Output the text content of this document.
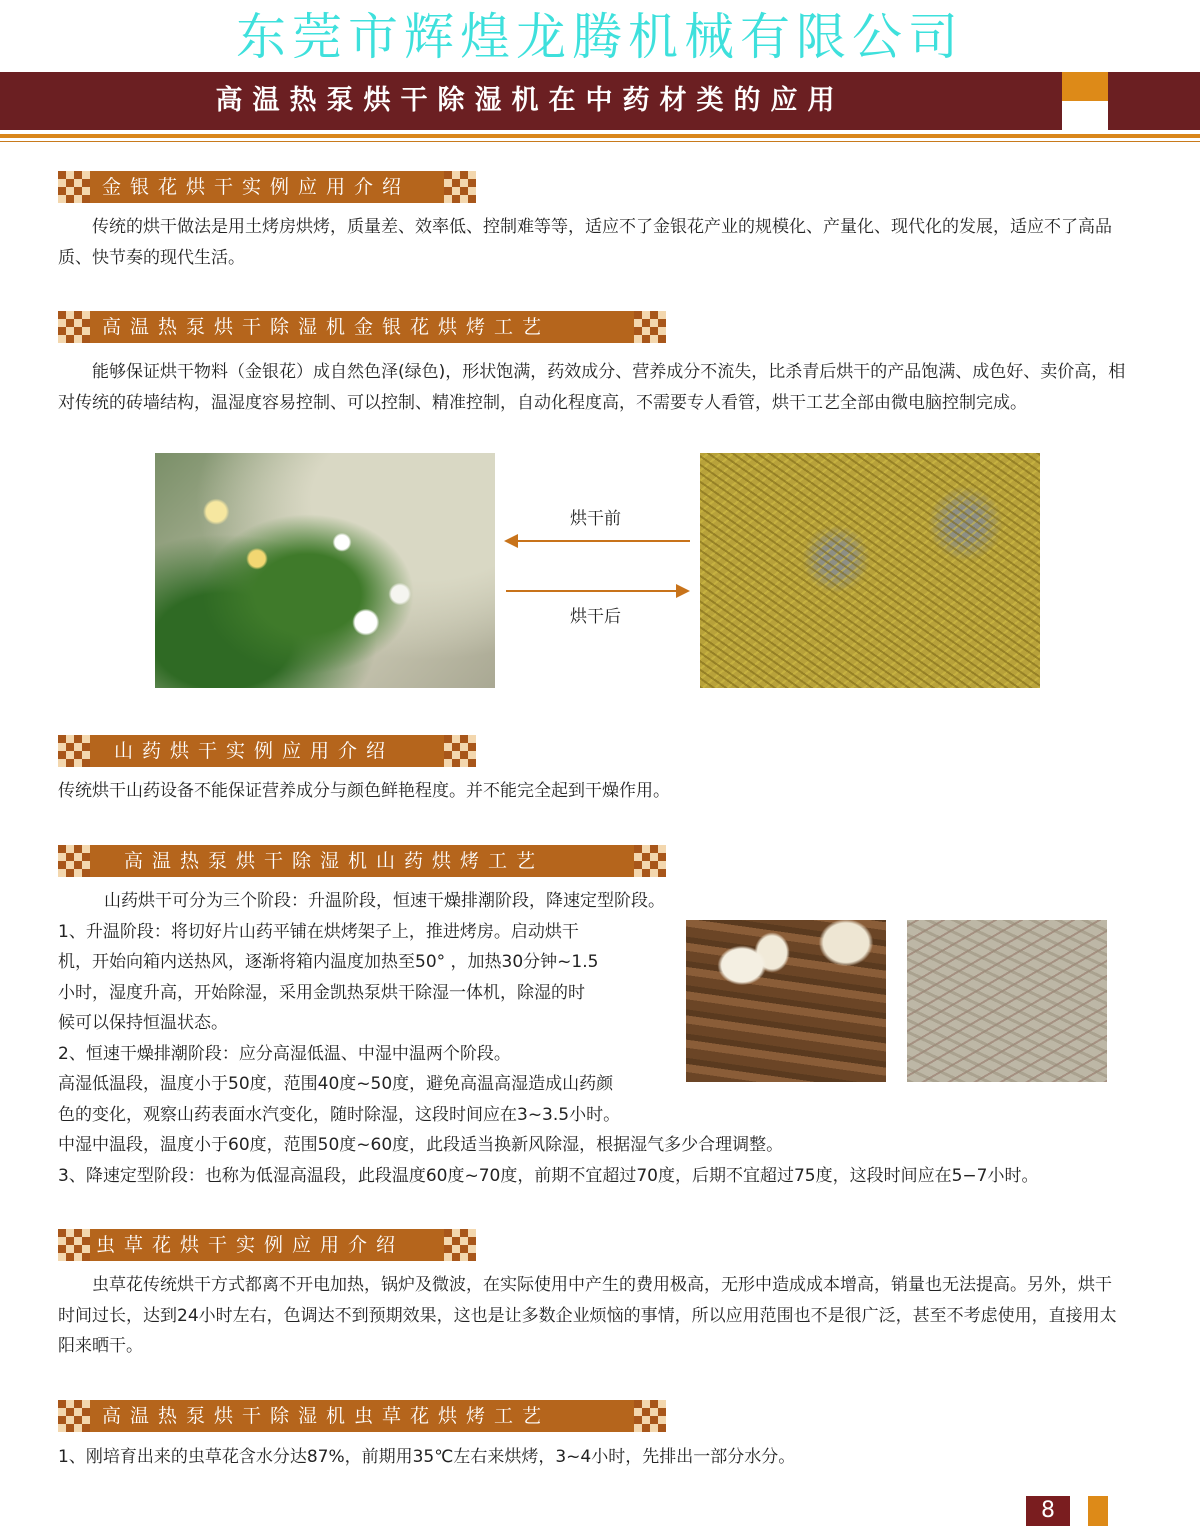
东莞市辉煌龙腾机械有限公司
高温热泵烘干除湿机在中药材类的应用
金银花烘干实例应用介绍

传统的烘干做法是用土烤房烘烤，质量差、效率低、控制难等等，适应不了金银花产业的规模化、产量化、现代化的发展，适应不了高品质、快节奏的现代生活。

高温热泵烘干除湿机金银花烘烤工艺

能够保证烘干物料（金银花）成自然色泽(绿色)，形状饱满，药效成分、营养成分不流失，比杀青后烘干的产品饱满、成色好、卖价高，相对传统的砖墙结构，温湿度容易控制、可以控制、精准控制，自动化程度高，不需要专人看管，烘干工艺全部由微电脑控制完成。

烘干前
烘干后
山药烘干实例应用介绍

传统烘干山药设备不能保证营养成分与颜色鲜艳程度。并不能完全起到干燥作用。

高温热泵烘干除湿机山药烘烤工艺
山药烘干可分为三个阶段：升温阶段，恒速干燥排潮阶段，降速定型阶段。
1、升温阶段：将切好片山药平铺在烘烤架子上，推进烤房。启动烘干
机，开始向箱内送热风，逐渐将箱内温度加热至50° ，加热30分钟~1.5
小时，湿度升高，开始除湿，采用金凯热泵烘干除湿一体机，除湿的时
候可以保持恒温状态。
2、恒速干燥排潮阶段：应分高湿低温、中湿中温两个阶段。
高湿低温段，温度小于50度，范围40度~50度，避免高温高湿造成山药颜
色的变化，观察山药表面水汽变化，随时除湿，这段时间应在3~3.5小时。
中湿中温段，温度小于60度，范围50度~60度，此段适当换新风除湿，根据湿气多少合理调整。
3、降速定型阶段：也称为低湿高温段，此段温度60度~70度，前期不宜超过70度，后期不宜超过75度，这段时间应在5−7小时。
虫草花烘干实例应用介绍

虫草花传统烘干方式都离不开电加热，锅炉及微波，在实际使用中产生的费用极高，无形中造成成本增高，销量也无法提高。另外，烘干时间过长，达到24小时左右，色调达不到预期效果，这也是让多数企业烦恼的事情，所以应用范围也不是很广泛，甚至不考虑使用，直接用太阳来晒干。

高温热泵烘干除湿机虫草花烘烤工艺

1、刚培育出来的虫草花含水分达87%，前期用35℃左右来烘烤，3~4小时，先排出一部分水分。

8
